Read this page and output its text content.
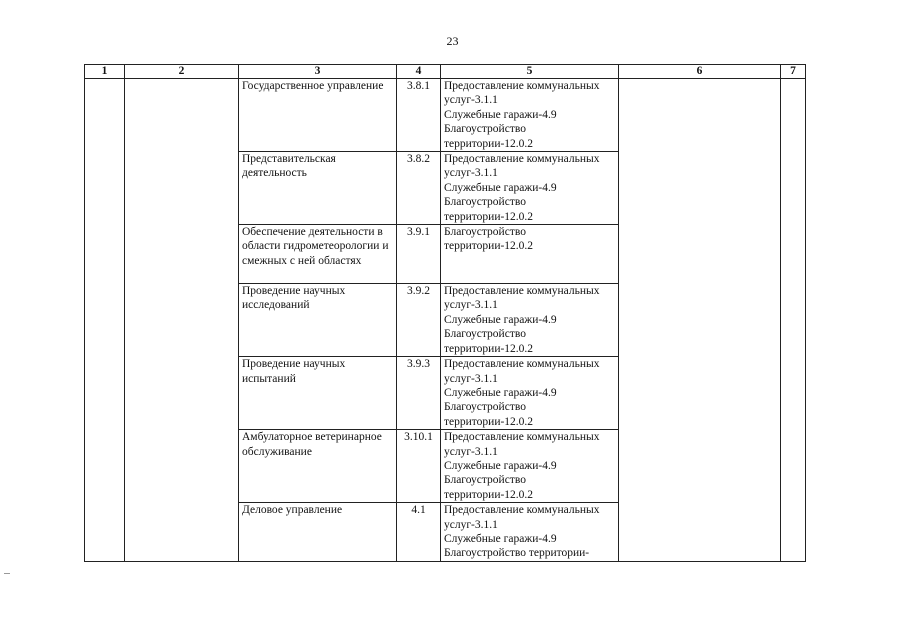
23
1	2	3	4	5	6	7
		Государственное управление	3.8.1	Предоставление коммунальных услуг-3.1.1
Служебные гаражи-4.9
Благоустройство территории-12.0.2		

		Представительская деятельность	3.8.2	Предоставление коммунальных услуг-3.1.1
Служебные гаражи-4.9
Благоустройство территории-12.0.2		

		Обеспечение деятельности в области гидрометеорологии и смежных с ней областях	3.9.1	Благоустройство территории-12.0.2		

		Проведение научных исследований	3.9.2	Предоставление коммунальных услуг-3.1.1
Служебные гаражи-4.9
Благоустройство территории-12.0.2		

		Проведение научных испытаний	3.9.3	Предоставление коммунальных услуг-3.1.1
Служебные гаражи-4.9
Благоустройство территории-12.0.2		

		Амбулаторное ветеринарное обслуживание	3.10.1	Предоставление коммунальных услуг-3.1.1
Служебные гаражи-4.9
Благоустройство территории-12.0.2		

		Деловое управление	4.1	Предоставление коммунальных услуг-3.1.1
Служебные гаражи-4.9
Благоустройство территории-		
